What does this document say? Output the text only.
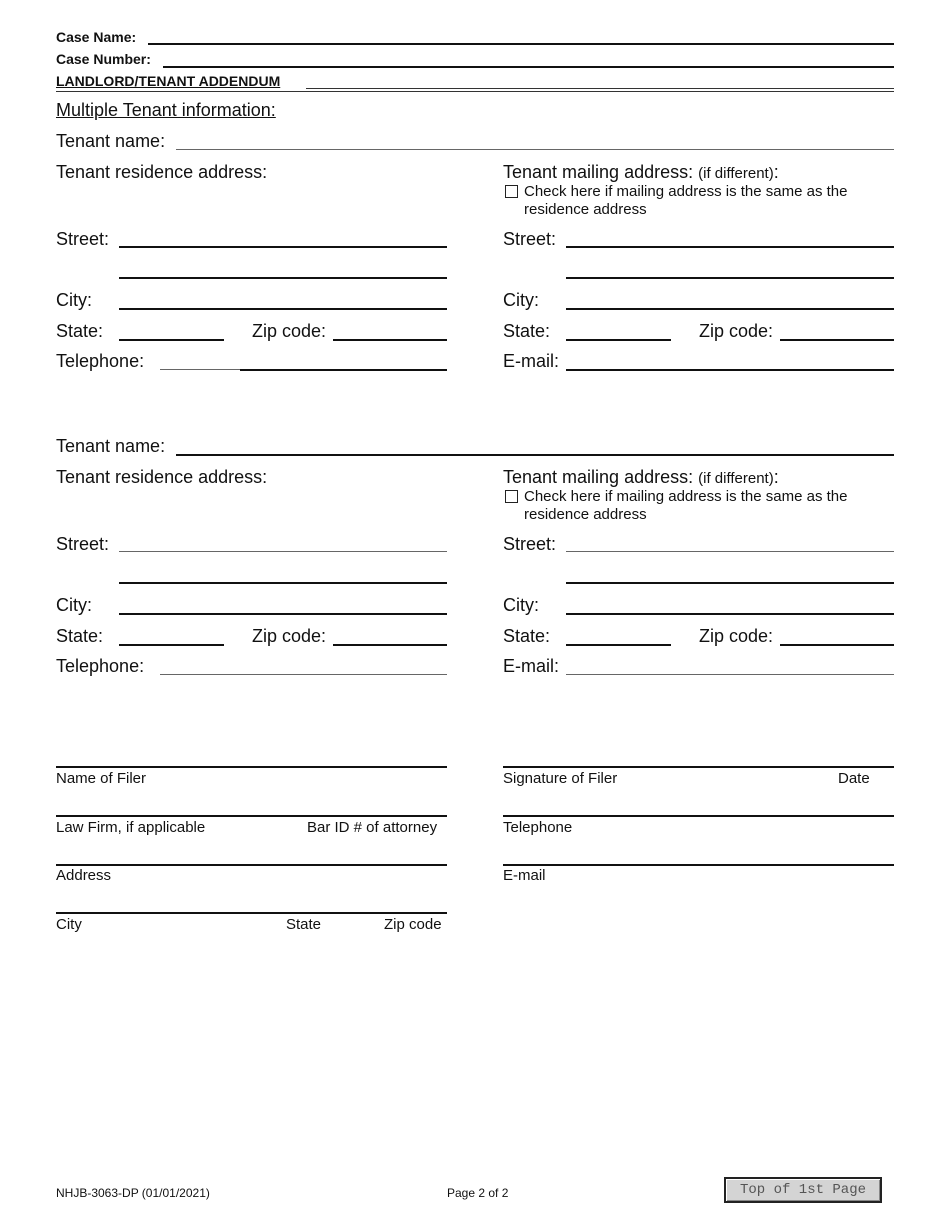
Case Name:
Case Number:
LANDLORD/TENANT ADDENDUM
Multiple Tenant information:
Tenant name:
Tenant residence address:	Tenant mailing address: (if different):
Check here if mailing address is the same as the
residence address
Street:	Street:
City:	City:
State:	Zip code:	State:	Zip code:
Telephone:	E-mail:
Tenant name:
Tenant residence address:	Tenant mailing address: (if different):
Check here if mailing address is the same as the
residence address
Street:	Street:
City:	City:
State:	Zip code:	State:	Zip code:
Telephone:	E-mail:
Name of Filer	Signature of Filer	Date
Law Firm, if applicable	Bar ID # of attorney	Telephone
Address	E-mail
City	State	Zip code
NHJB-3063-DP (01/01/2021)	Page 2 of 2	Top of 1st Page
